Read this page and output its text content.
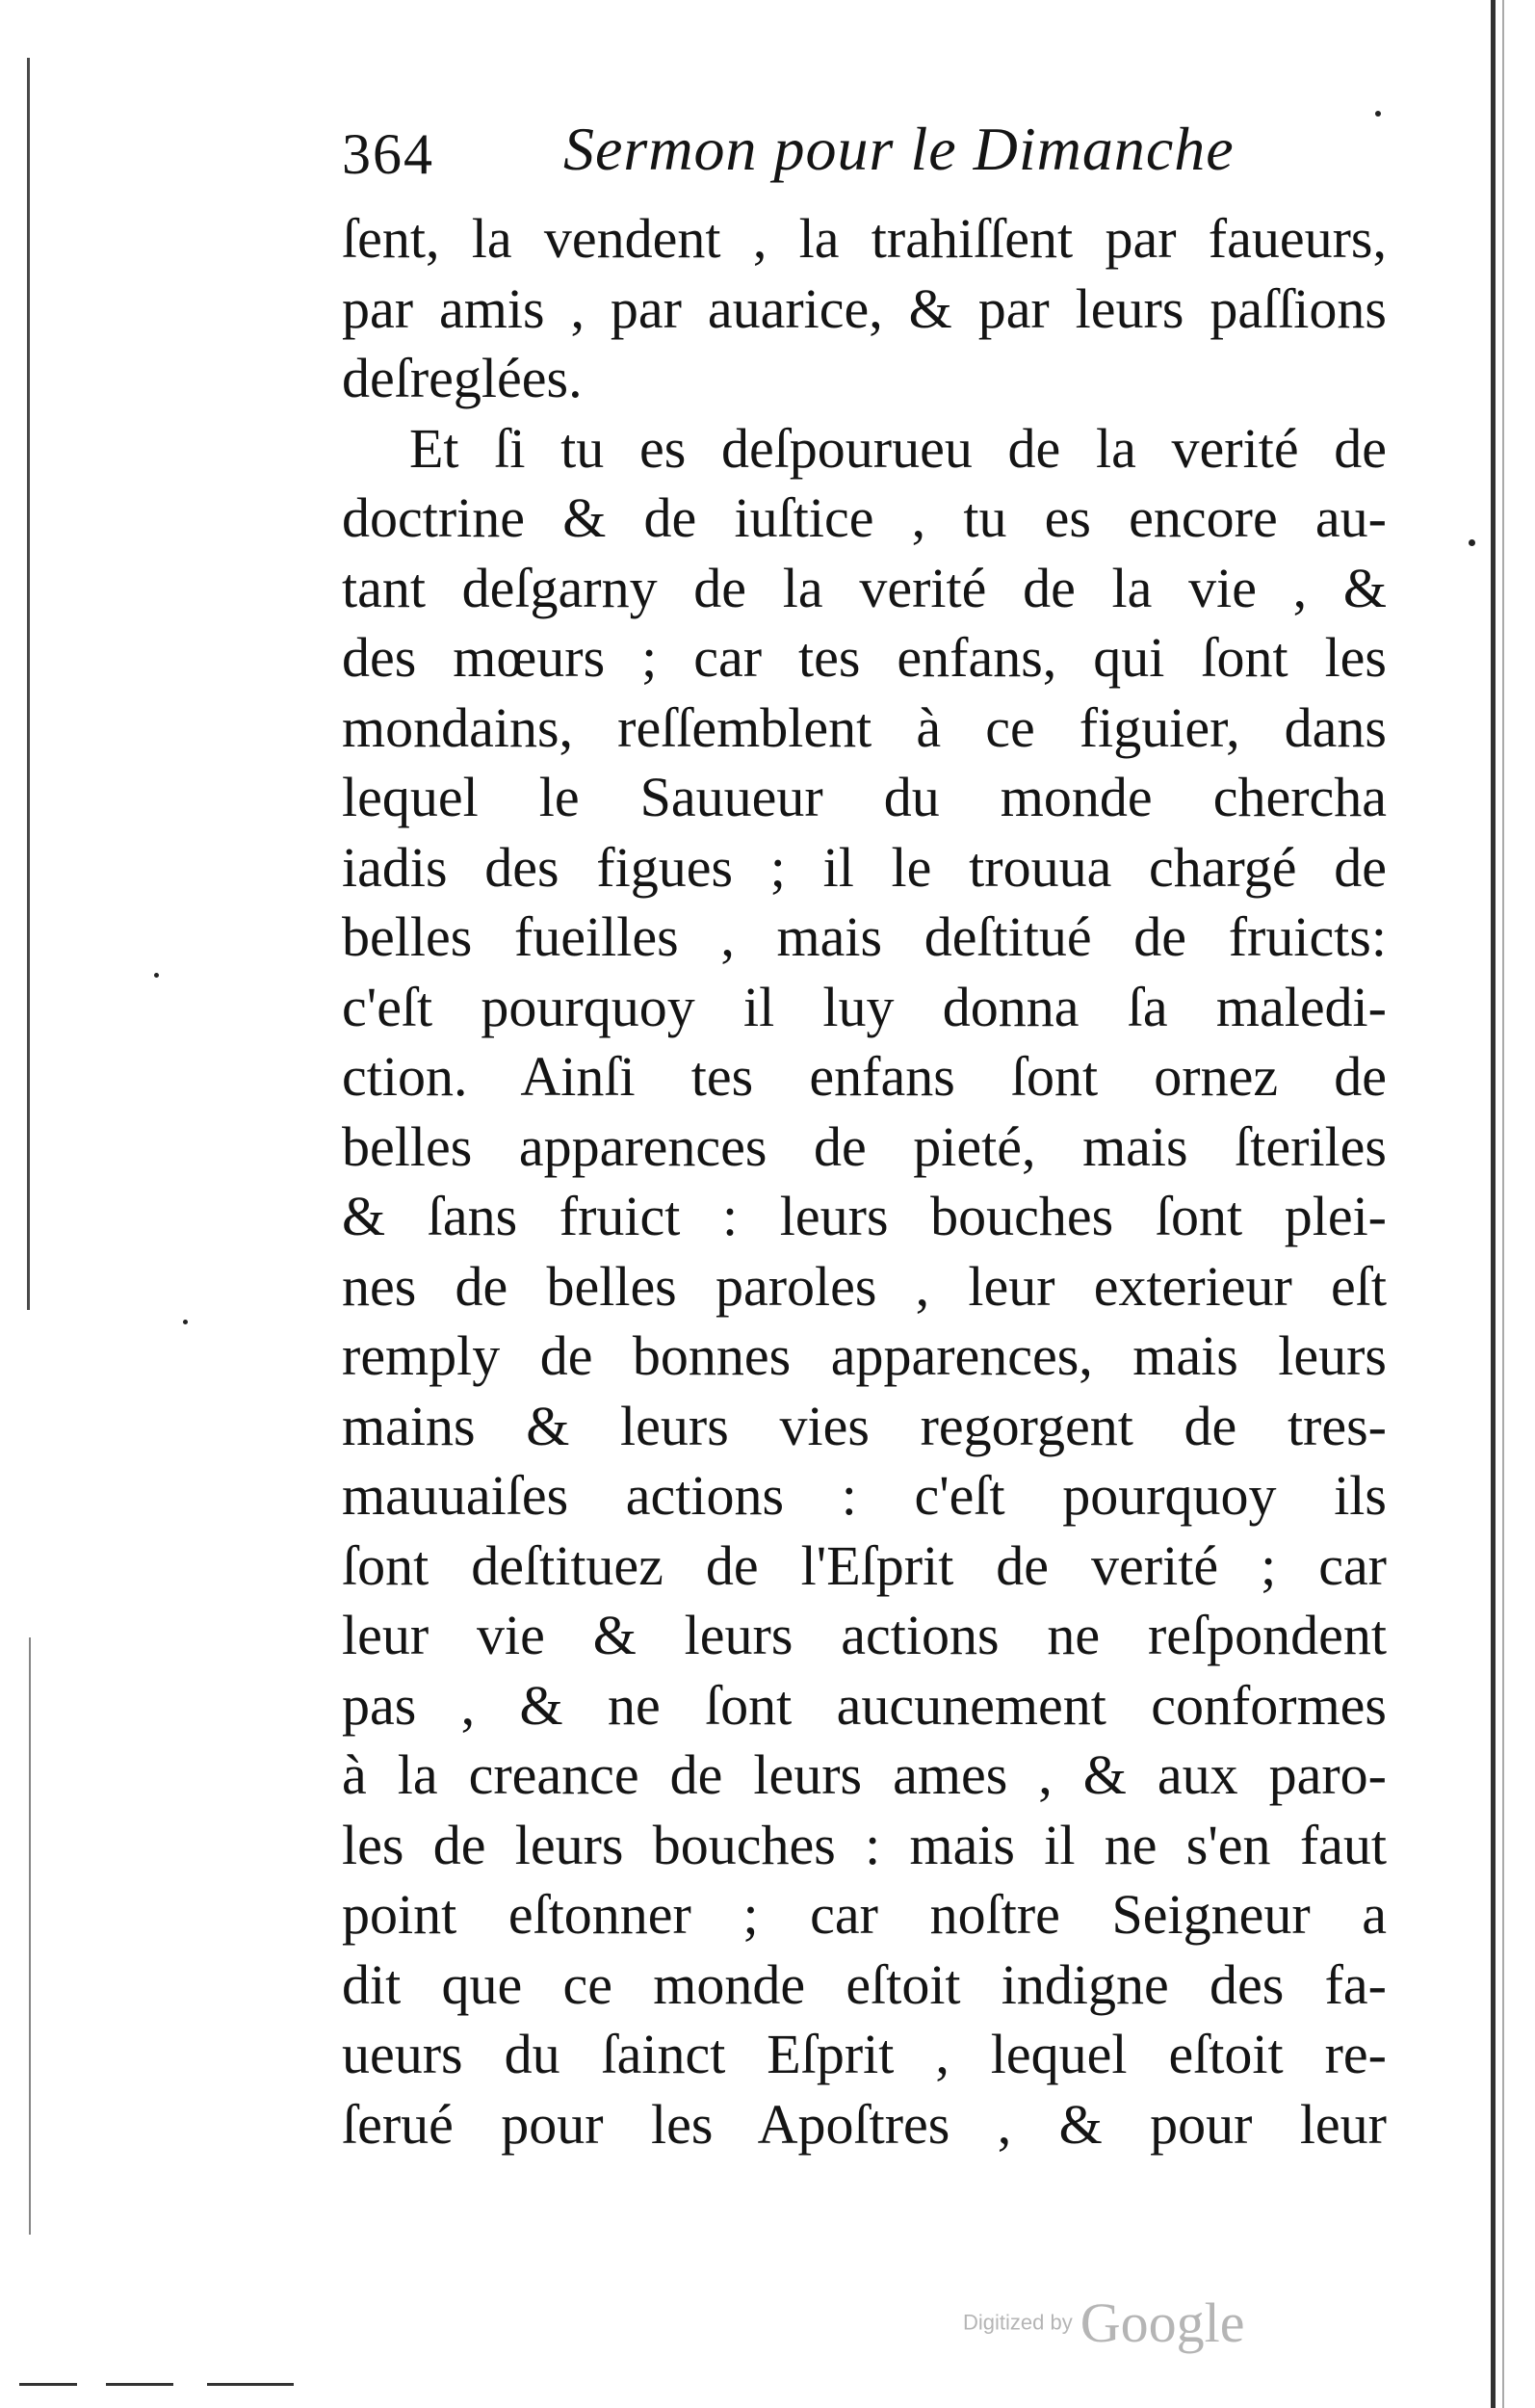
364 Sermon pour le Dimanche
ſent, la vendent , la trahiſſent par faueurs,
par amis , par auarice, & par leurs paſſions
deſreglées.
Et ſi tu es deſpourueu de la verité de
doctrine & de iuſtice , tu es encore au-
tant deſgarny de la verité de la vie , &
des mœurs ; car tes enfans, qui ſont les
mondains, reſſemblent à ce figuier, dans
lequel le Sauueur du monde chercha
iadis des figues ; il le trouua chargé de
belles fueilles , mais deſtitué de fruicts:
c'eſt pourquoy il luy donna ſa maledi-
ction. Ainſi tes enfans ſont ornez de
belles apparences de pieté, mais ſteriles
& ſans fruict : leurs bouches ſont plei-
nes de belles paroles , leur exterieur eſt
remply de bonnes apparences, mais leurs
mains & leurs vies regorgent de tres-
mauuaiſes actions : c'eſt pourquoy ils
ſont deſtituez de l'Eſprit de verité ; car
leur vie & leurs actions ne reſpondent
pas , & ne ſont aucunement conformes
à la creance de leurs ames , & aux paro-
les de leurs bouches : mais il ne s'en faut
point eſtonner ; car noſtre Seigneur a
dit que ce monde eſtoit indigne des fa-
ueurs du ſainct Eſprit , lequel eſtoit re-
ſerué pour les Apoſtres , & pour leur
Digitized by Google
